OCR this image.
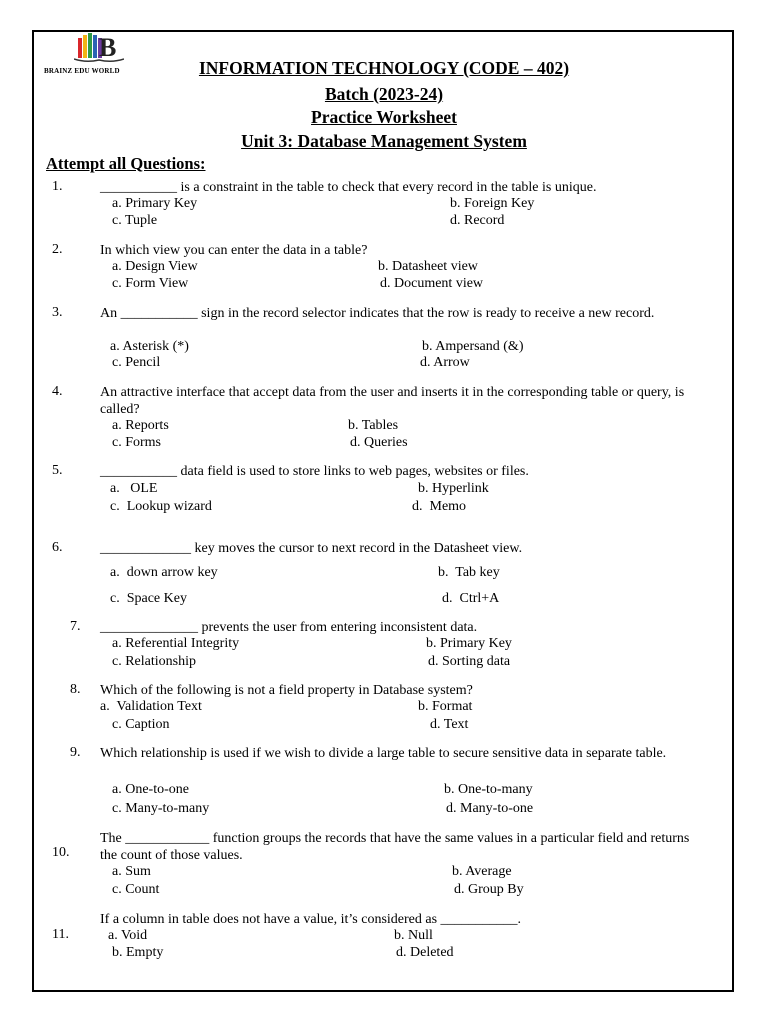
B
BRAINZ EDU WORLD	INFORMATION TECHNOLOGY (CODE – 402)
Batch (2023-24)
Practice Worksheet
Unit 3: Database Management System
Attempt all Questions:
1.	___________ is a constraint in the table to check that every record in the table is unique.
a. Primary Key	b. Foreign Key
c. Tuple	d. Record
2.	In which view you can enter the data in a table?
a. Design View	b. Datasheet view
c. Form View	d. Document view
3.	An ___________ sign in the record selector indicates that the row is ready to receive a new record.
a. Asterisk (*)	b. Ampersand (&)
c. Pencil	d. Arrow
4.	An attractive interface that accept data from the user and inserts it in the corresponding table or query, is called?
a. Reports	b. Tables
c. Forms	d. Queries
5.	___________ data field is used to store links to web pages, websites or files.
a.   OLE	b. Hyperlink
c.  Lookup wizard	d.  Memo
6.	_____________ key moves the cursor to next record in the Datasheet view.
a.  down arrow key	b.  Tab key
c.  Space Key	d.  Ctrl+A
7. ______________ prevents the user from entering inconsistent data.
a. Referential Integrity	b. Primary Key
c. Relationship	d. Sorting data
8. Which of the following is not a field property in Database system?
a.  Validation Text	b. Format
c. Caption	d. Text
9. Which relationship is used if we wish to divide a large table to secure sensitive data in separate table.
a. One-to-one	b. One-to-many
c. Many-to-many	d. Many-to-one
10.
The ____________ function groups the records that have the same values in a particular field and returns the count of those values.
a. Sum	b. Average
c. Count	d. Group By
11.
If a column in table does not have a value, it’s considered as ___________.
a. Void	b. Null
b. Empty	d. Deleted
